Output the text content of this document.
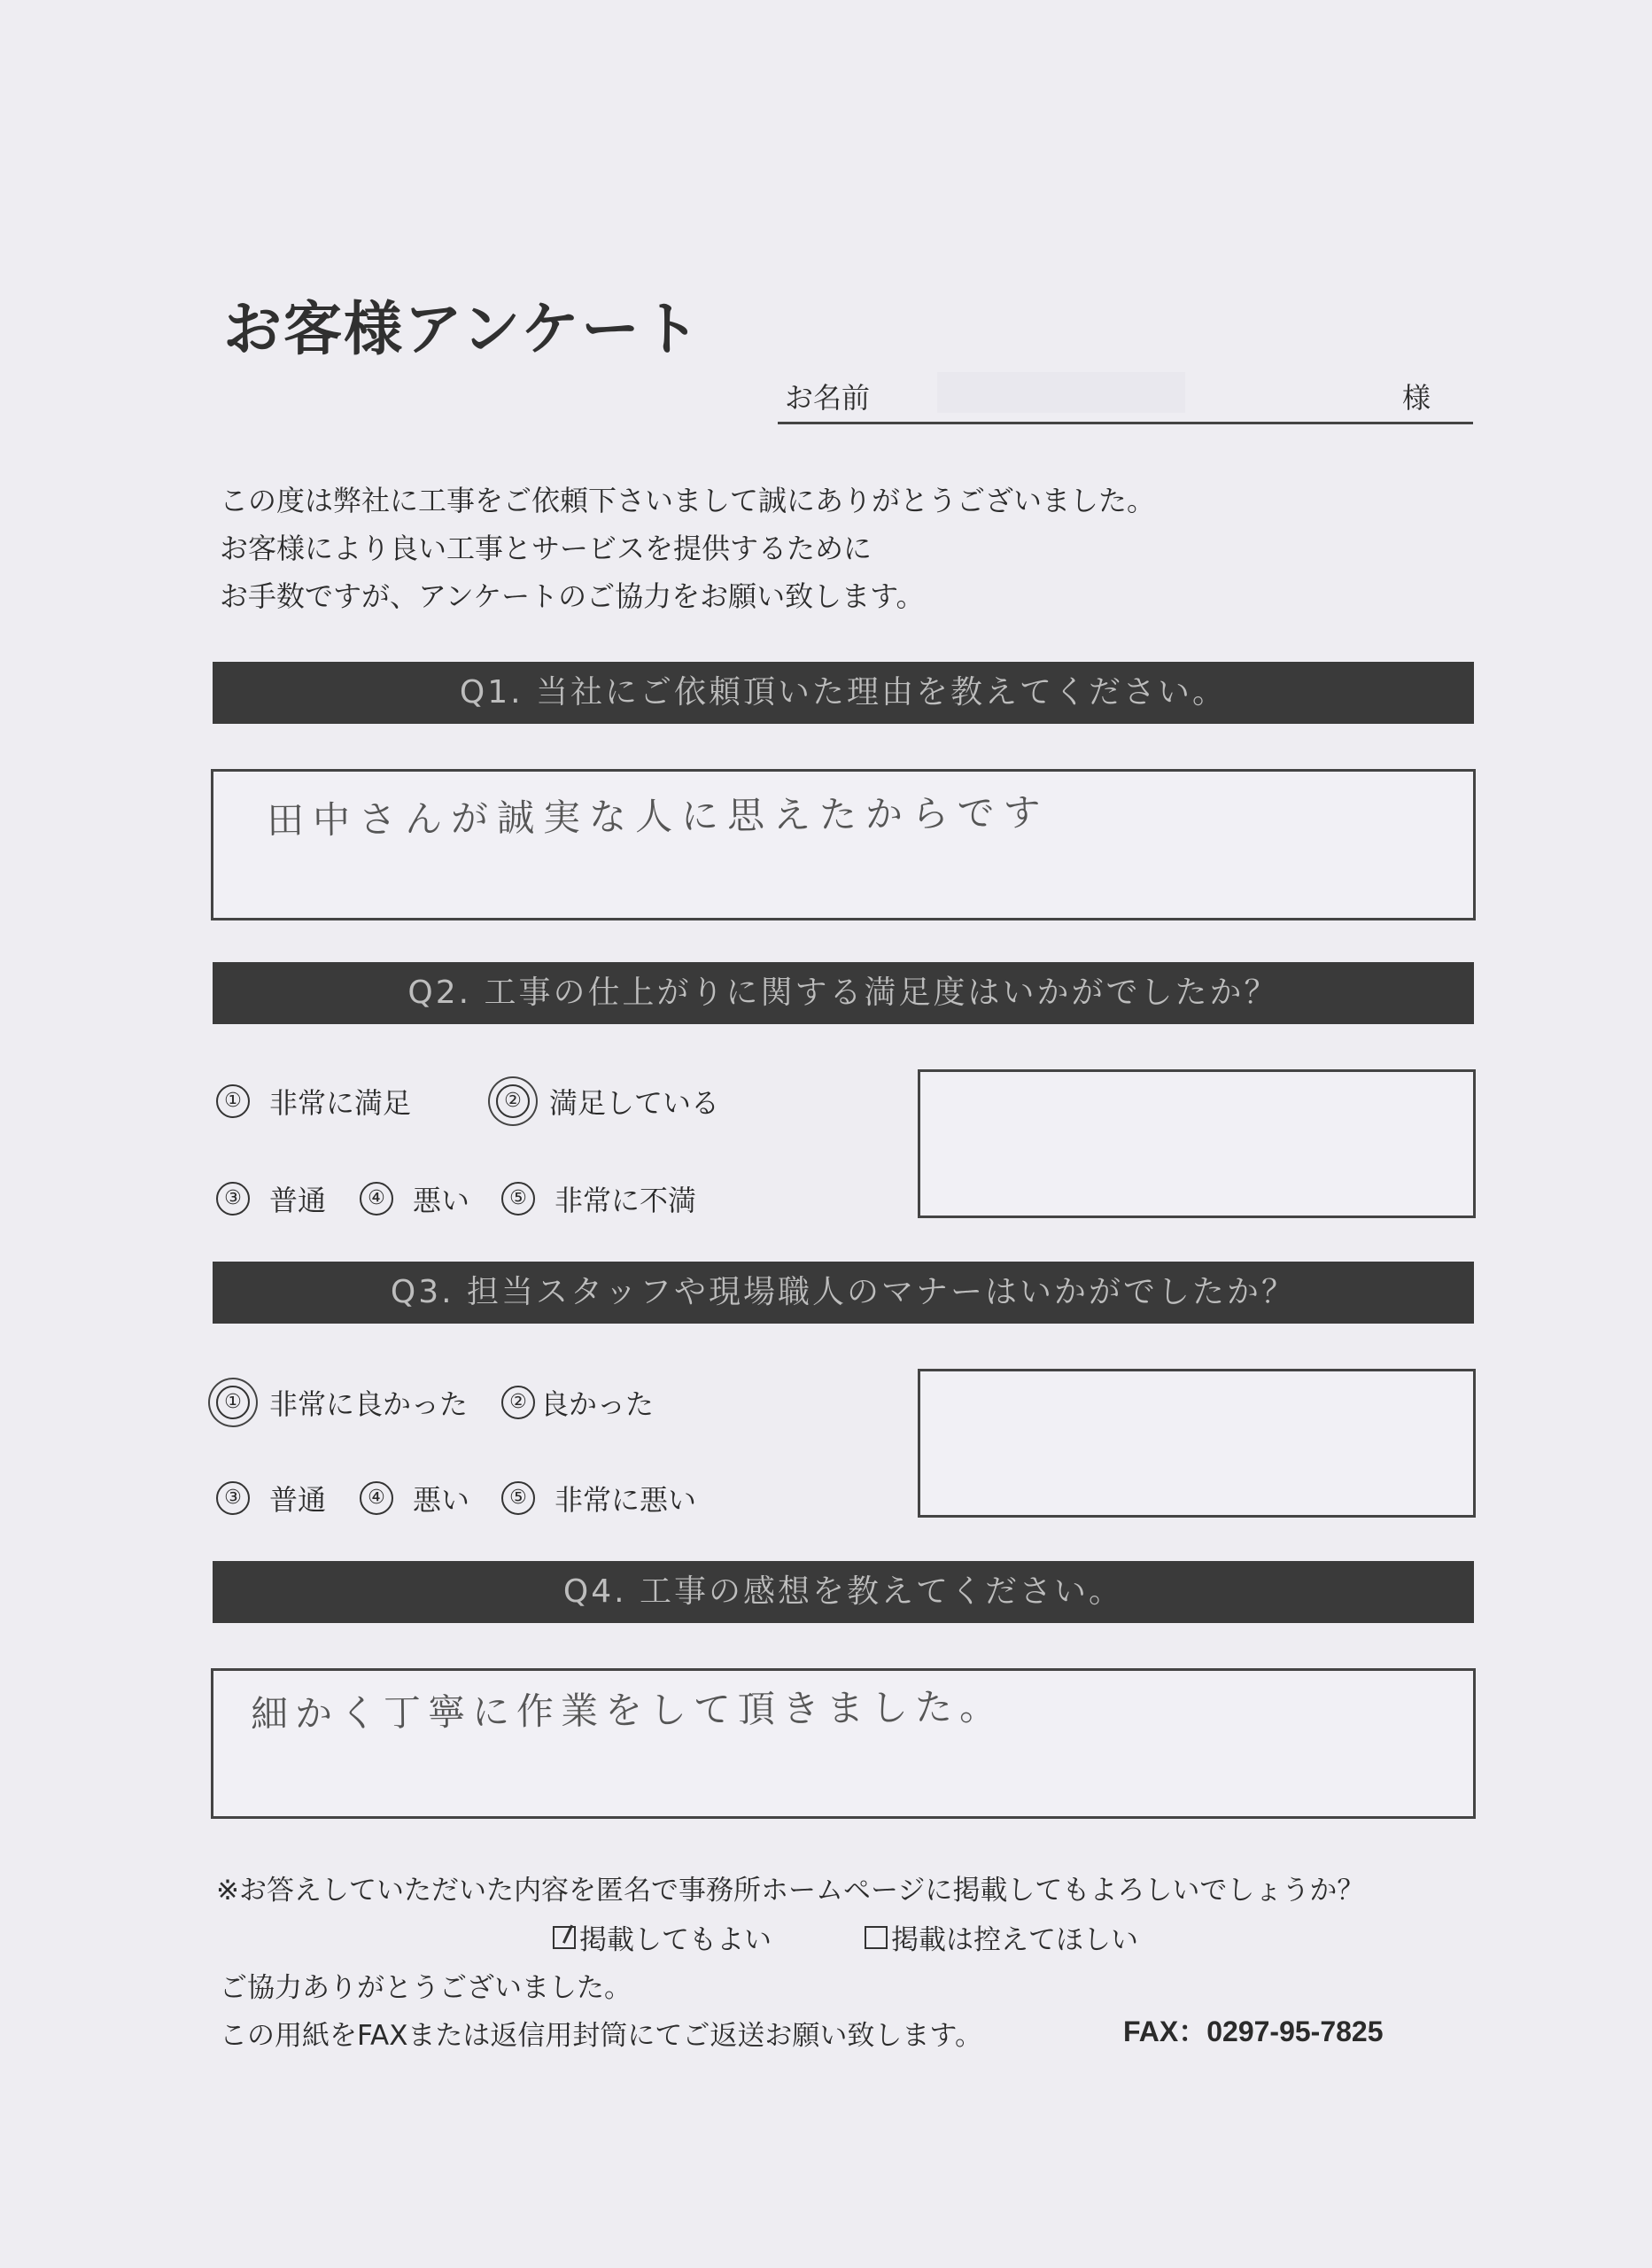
お客様アンケート
お名前	様
この度は弊社に工事をご依頼下さいまして誠にありがとうございました。
お客様により良い工事とサービスを提供するために
お手数ですが、アンケートのご協力をお願い致します。
Q1. 当社にご依頼頂いた理由を教えてください。
田中さんが誠実な人に思えたからです
Q2. 工事の仕上がりに関する満足度はいかがでしたか？
① 非常に満足	② 満足している
③ 普通	④ 悪い	⑤ 非常に不満
Q3. 担当スタッフや現場職人のマナーはいかがでしたか？
① 非常に良かった	② 良かった
③ 普通	④ 悪い	⑤ 非常に悪い
Q4. 工事の感想を教えてください。
細かく丁寧に作業をして頂きました。
※お答えしていただいた内容を匿名で事務所ホームページに掲載してもよろしいでしょうか？
掲載してもよい	掲載は控えてほしい
ご協力ありがとうございました。
この用紙をFAXまたは返信用封筒にてご返送お願い致します。	FAX：0297-95-7825
